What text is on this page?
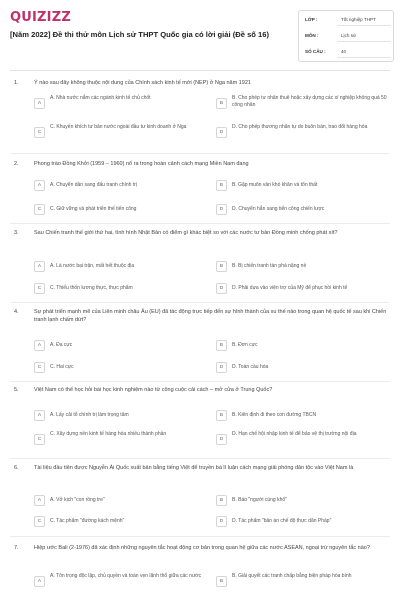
QUIZIZZ
[Năm 2022] Đề thi thử môn Lịch sử THPT Quốc gia có lời giải (Đề số 16)
LỚP :	Tốt nghiệp THPT
MÔN :	Lịch sử
SỐ CÂU :	40
1.	Ý nào sau đây không thuộc nội dung của Chính sách kinh tế mới (NEP) ở Nga năm 1921
A
A. Nhà nước nắm các ngành kinh tế chủ chốt
B
B. Cho phép tư nhân thuê hoặc xây dựng các xí nghiệp không quá 50 công nhân
C
C. Khuyến khích tư bản nước ngoài đầu tư kinh doanh ở Nga
D
D. Cho phép thương nhân tự do buôn bán, trao đổi hàng hóa
2.	Phong trào Đồng Khởi (1959 – 1960) nổ ra trong hoàn cảnh cách mạng Miền Nam đang
A	A. Chuyển dần sang đấu tranh chính trị	B	B. Gặp muôn vàn khó khăn và tổn thất
C	C. Giữ vững và phát triển thế tiến công	D	D. Chuyển hẳn sang tiến công chiến lược
3.	Sau Chiến tranh thế giới thứ hai, tình hình Nhật Bản có điểm gì khác biệt so với các nước tư bản Đồng minh chống phát xít?
A	A. Là nước bại trận, mất hết thuộc địa	B	B. Bị chiến tranh tàn phá nặng nề
C	C. Thiếu thốn lương thực, thực phẩm	D	D. Phải dựa vào viện trợ của Mỹ để phục hồi kinh tế
4.	Sự phát triển mạnh mẽ của Liên minh châu Âu (EU) đã tác động trực tiếp đến sự hình thành của xu thế nào trong quan hệ quốc tế sau khi Chiến tranh lạnh chấm dứt?
A	A. Đa cực	B	B. Đơn cực
C	C. Hai cực	D	D. Toàn cầu hóa
5.	Việt Nam có thể học hỏi bài học kinh nghiệm nào từ công cuộc cải cách – mở cửa ở Trung Quốc?
A	A. Lấy cải tổ chính trị làm trọng tâm	B	B. Kiên định đi theo con đường TBCN
C
C. Xây dựng nền kinh tế hàng hóa nhiều thành phần
D
D. Hạn chế hội nhập kinh tế để bảo vệ thị trường nội địa
6.	Tài liệu đầu tiên được Nguyễn Ái Quốc xuất bản bằng tiếng Việt để truyền bá lí luận cách mạng giải phóng dân tộc vào Việt Nam là
A	A. Vở kịch "con rồng tre"	B	B. Báo "người cùng khổ"
C	C. Tác phẩm "đường kách mệnh"	D	D. Tác phẩm "bản án chế độ thực dân Pháp"
7.	Hiệp ước Bali (2-1976) đã xác định những nguyên tắc hoạt động cơ bản trong quan hệ giữa các nước ASEAN, ngoại trừ nguyên tắc nào?
A
A. Tôn trọng độc lập, chủ quyền và toàn vẹn lãnh thổ giữa các nước
B
B. Giải quyết các tranh chấp bằng biện pháp hòa bình
